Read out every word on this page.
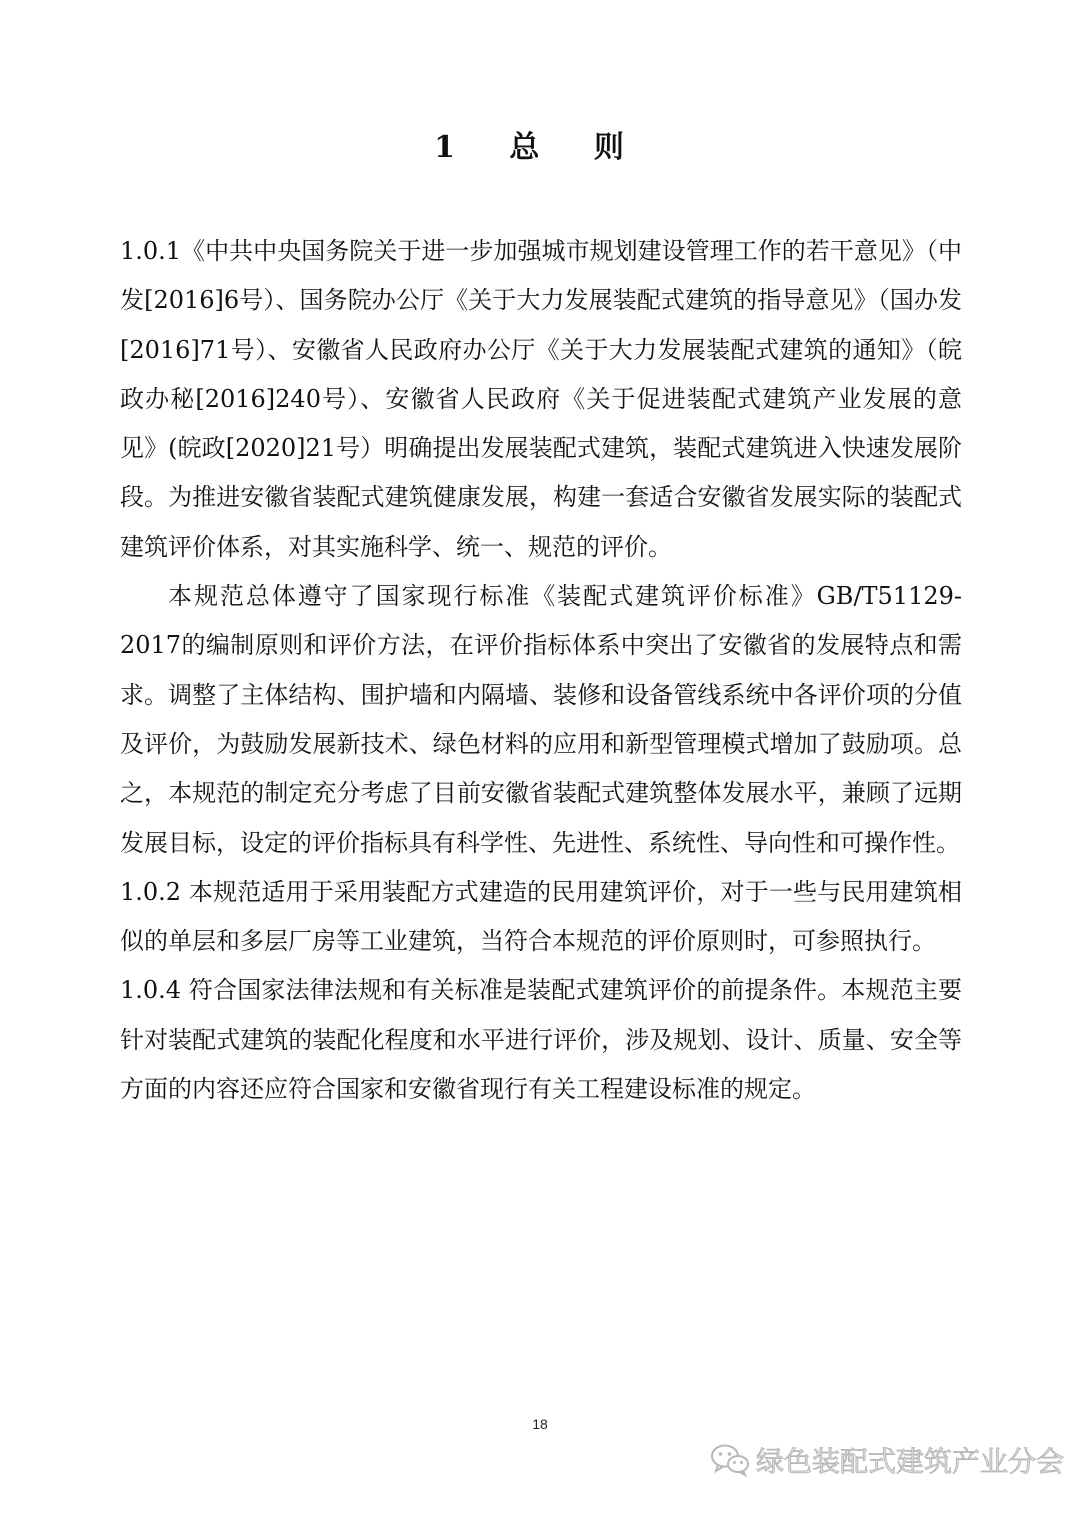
1 总 则

1.0.1《中共中央国务院关于进一步加强城市规划建设管理工作的若干意见》（中发[2016]6号）、国务院办公厅《关于大力发展装配式建筑的指导意见》（国办发[2016]71号）、安徽省人民政府办公厅《关于大力发展装配式建筑的通知》（皖政办秘[2016]240号）、安徽省人民政府《关于促进装配式建筑产业发展的意见》(皖政[2020]21号）明确提出发展装配式建筑，装配式建筑进入快速发展阶段。为推进安徽省装配式建筑健康发展，构建一套适合安徽省发展实际的装配式建筑评价体系，对其实施科学、统一、规范的评价。

本规范总体遵守了国家现行标准《装配式建筑评价标准》GB/T51129-2017的编制原则和评价方法，在评价指标体系中突出了安徽省的发展特点和需求。调整了主体结构、围护墙和内隔墙、装修和设备管线系统中各评价项的分值及评价，为鼓励发展新技术、绿色材料的应用和新型管理模式增加了鼓励项。总之，本规范的制定充分考虑了目前安徽省装配式建筑整体发展水平，兼顾了远期发展目标，设定的评价指标具有科学性、先进性、系统性、导向性和可操作性。

1.0.2 本规范适用于采用装配方式建造的民用建筑评价，对于一些与民用建筑相似的单层和多层厂房等工业建筑，当符合本规范的评价原则时，可参照执行。

1.0.4 符合国家法律法规和有关标准是装配式建筑评价的前提条件。本规范主要针对装配式建筑的装配化程度和水平进行评价，涉及规划、设计、质量、安全等方面的内容还应符合国家和安徽省现行有关工程建设标准的规定。

18
绿色装配式建筑产业分会
